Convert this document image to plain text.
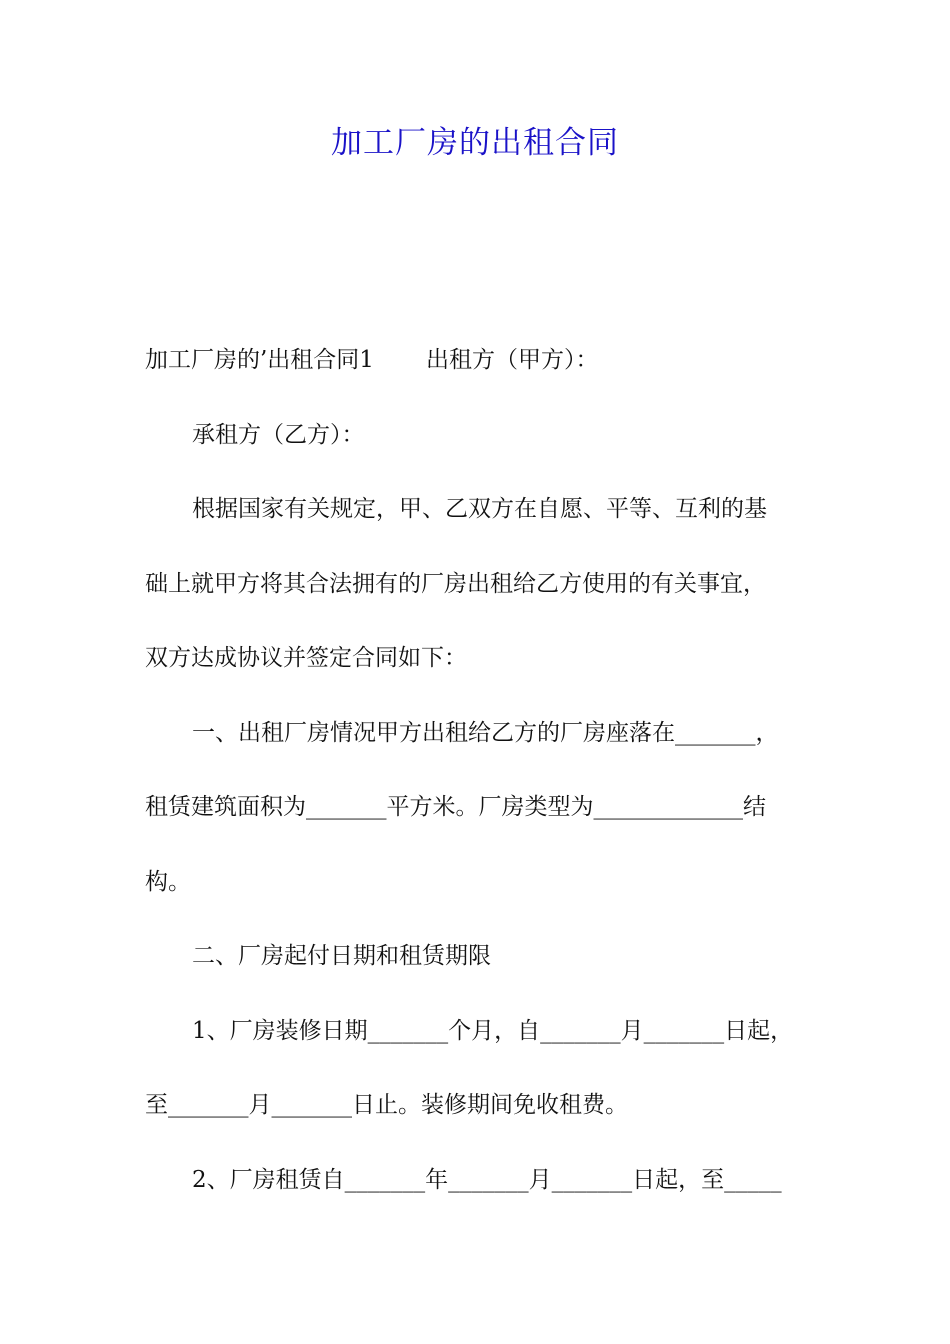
加工厂房的出租合同
加工厂房的’出租合同1 出租方（甲方）：
承租方（乙方）：
根据国家有关规定，甲、乙双方在自愿、平等、互利的基
础上就甲方将其合法拥有的厂房出租给乙方使用的有关事宜，
双方达成协议并签定合同如下：
一、出租厂房情况甲方出租给乙方的厂房座落在_______，
租赁建筑面积为_______平方米。厂房类型为_____________结
构。
二、厂房起付日期和租赁期限
1、厂房装修日期_______个月，自_______月_______日起，
至_______月_______日止。装修期间免收租费。
2、厂房租赁自_______年_______月_______日起，至_____
